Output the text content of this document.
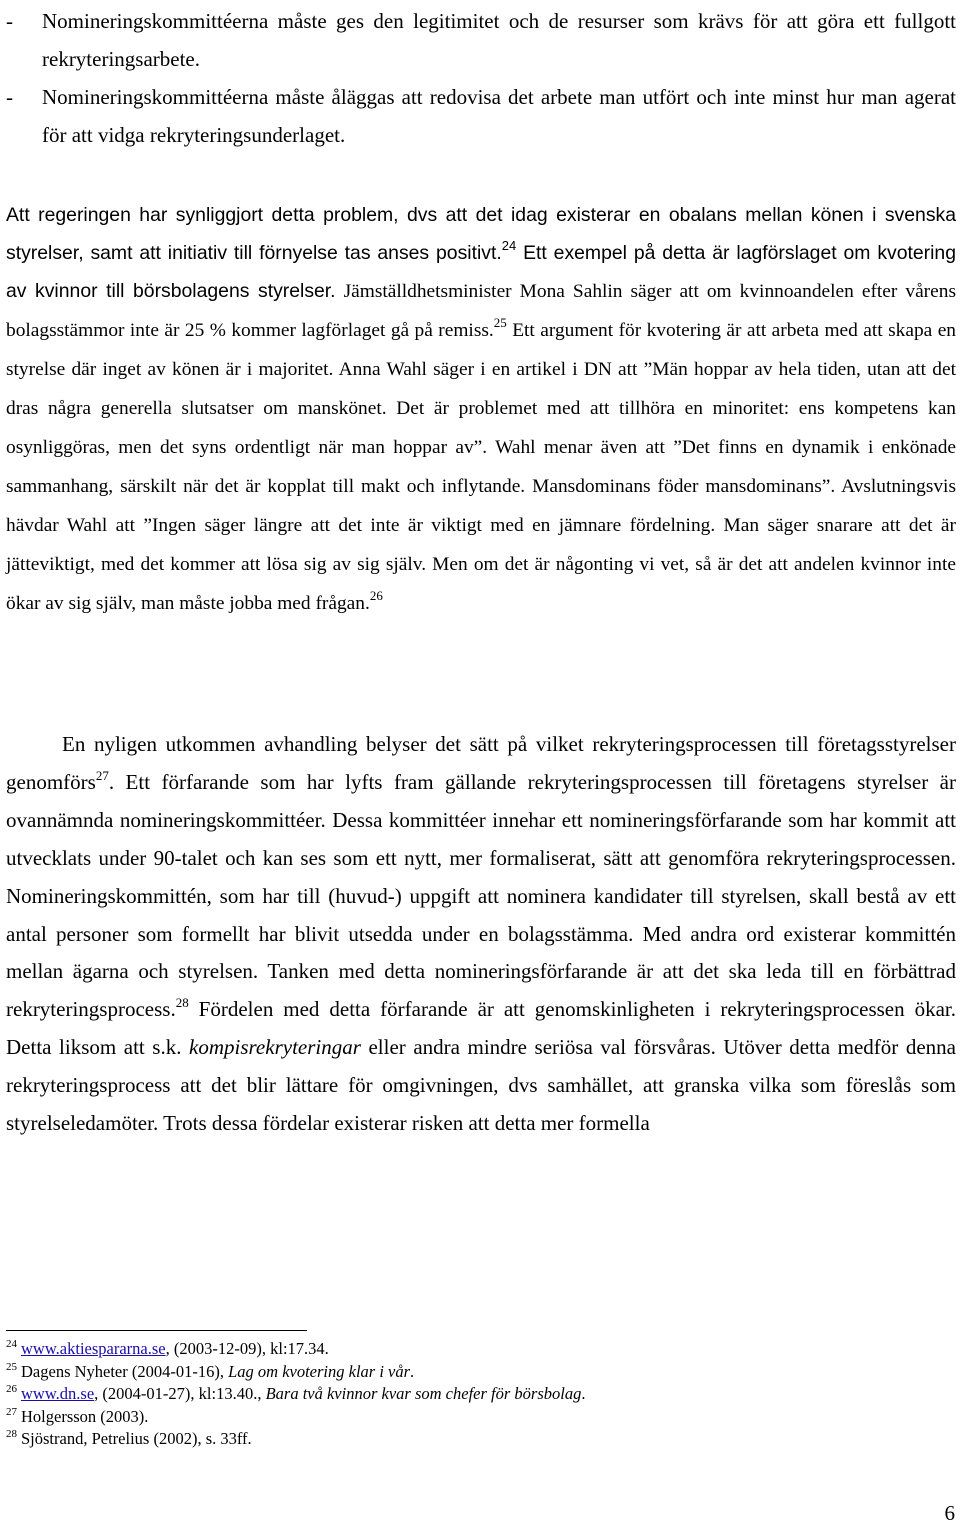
- Nomineringskommittéerna måste ges den legitimitet och de resurser som krävs för att göra ett fullgott rekryteringsarbete.
- Nomineringskommittéerna måste åläggas att redovisa det arbete man utfört och inte minst hur man agerat för att vidga rekryteringsunderlaget.

Att regeringen har synliggjort detta problem, dvs att det idag existerar en obalans mellan könen i svenska styrelser, samt att initiativ till förnyelse tas anses positivt.$^{24}$ Ett exempel på detta är lagförslaget om kvotering av kvinnor till börsbolagens styrelser. Jämställdhetsminister Mona Sahlin säger att om kvinnoandelen efter vårens bolagsstämmor inte är 25 % kommer lagförlaget gå på remiss.$^{25}$ Ett argument för kvotering är att arbeta med att skapa en styrelse där inget av könen är i majoritet. Anna Wahl säger i en artikel i DN att ”Män hoppar av hela tiden, utan att det dras några generella slutsatser om manskönet. Det är problemet med att tillhöra en minoritet: ens kompetens kan osynliggöras, men det syns ordentligt när man hoppar av”. Wahl menar även att ”Det finns en dynamik i enkönade sammanhang, särskilt när det är kopplat till makt och inflytande. Mansdominans föder mansdominans”. Avslutningsvis hävdar Wahl att ”Ingen säger längre att det inte är viktigt med en jämnare fördelning. Man säger snarare att det är jätteviktigt, med det kommer att lösa sig av sig själv. Men om det är någonting vi vet, så är det att andelen kvinnor inte ökar av sig själv, man måste jobba med frågan.$^{26}$

En nyligen utkommen avhandling belyser det sätt på vilket rekryteringsprocessen till företagsstyrelser genomförs$^{27}$. Ett förfarande som har lyfts fram gällande rekryteringsprocessen till företagens styrelser är ovannämnda nomineringskommittéer. Dessa kommittéer innehar ett nomineringsförfarande som har kommit att utvecklats under 90-talet och kan ses som ett nytt, mer formaliserat, sätt att genomföra rekryteringsprocessen. Nomineringskommittén, som har till (huvud-) uppgift att nominera kandidater till styrelsen, skall bestå av ett antal personer som formellt har blivit utsedda under en bolagsstämma. Med andra ord existerar kommittén mellan ägarna och styrelsen. Tanken med detta nomineringsförfarande är att det ska leda till en förbättrad rekryteringsprocess.$^{28}$ Fördelen med detta förfarande är att genomskinligheten i rekryteringsprocessen ökar. Detta liksom att s.k. kompisrekryteringar eller andra mindre seriösa val försvåras. Utöver detta medför denna rekryteringsprocess att det blir lättare för omgivningen, dvs samhället, att granska vilka som föreslås som styrelseledamöter. Trots dessa fördelar existerar risken att detta mer formella

$^{24}$ www.aktiespararna.se, (2003-12-09), kl:17.34.
$^{25}$ Dagens Nyheter (2004-01-16), Lag om kvotering klar i vår.
$^{26}$ www.dn.se, (2004-01-27), kl:13.40., Bara två kvinnor kvar som chefer för börsbolag.
$^{27}$ Holgersson (2003).
$^{28}$ Sjöstrand, Petrelius (2002), s. 33ff.
6
